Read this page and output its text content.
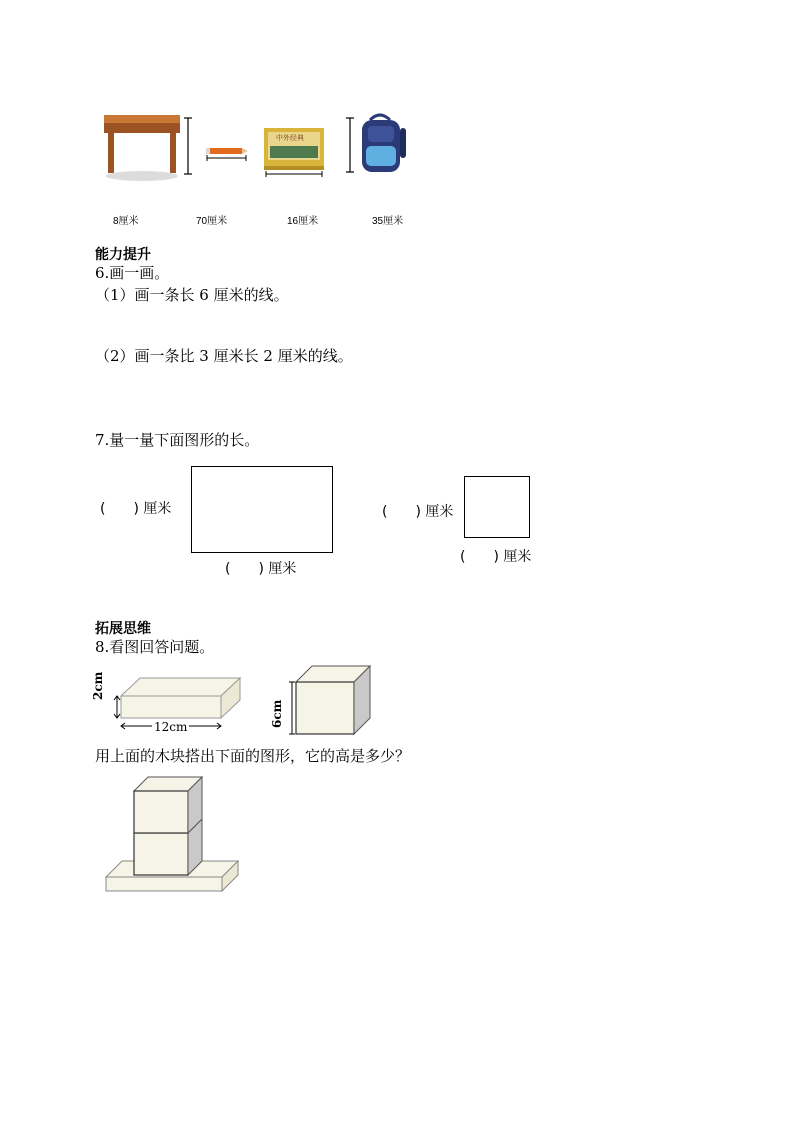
中外经典
8厘米	70厘米	16厘米	35厘米
能力提升
6.画一画。
（1）画一条长 6 厘米的线。
（2）画一条比 3 厘米长 2 厘米的线。
7.量一量下面图形的长。
(　　) 厘米
(　　) 厘米
(　　) 厘米
(　　) 厘米
拓展思维
8.看图回答问题。
2cm
12cm	6cm
用上面的木块搭出下面的图形，它的高是多少？
